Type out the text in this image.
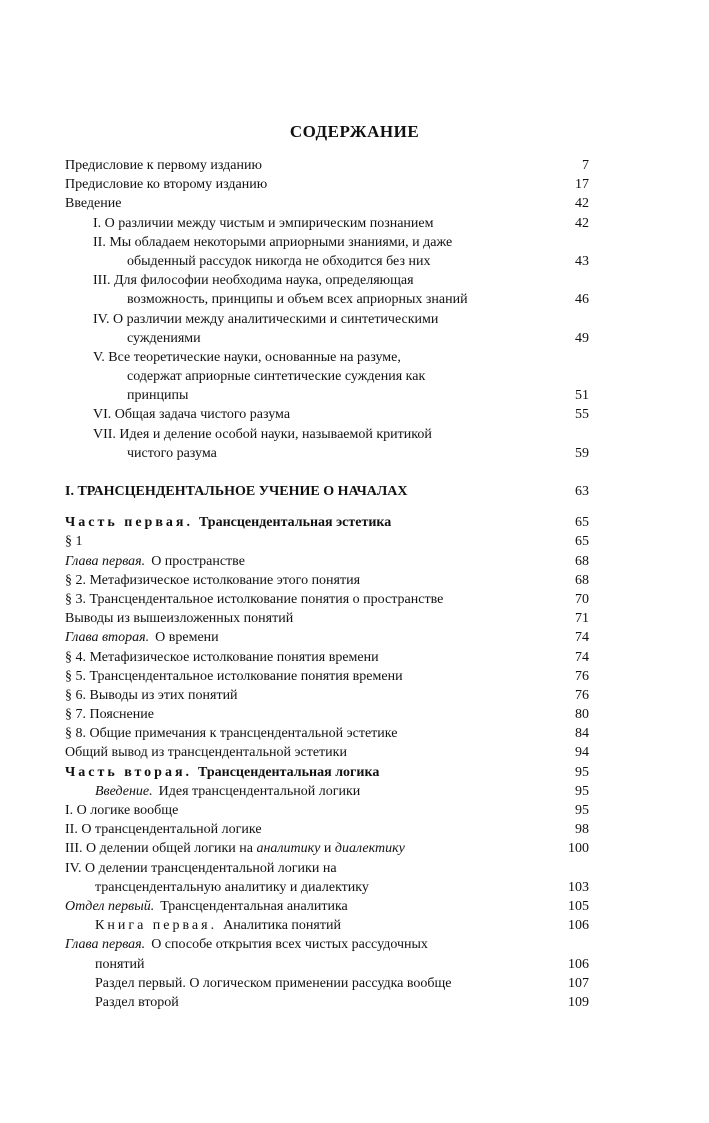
СОДЕРЖАНИЕ
Предисловие к первому изданию	7
Предисловие ко второму изданию	17
Введение	42
I. О различии между чистым и эмпирическим познанием	42
II. Мы обладаем некоторыми априорными знаниями, и даже
обыденный рассудок никогда не обходится без них	43
III. Для философии необходима наука, определяющая
возможность, принципы и объем всех априорных знаний	46
IV. О различии между аналитическими и синтетическими
суждениями	49
V. Все теоретические науки, основанные на разуме,
содержат априорные синтетические суждения как
принципы	51
VI. Общая задача чистого разума	55
VII. Идея и деление особой науки, называемой критикой
чистого разума	59
I. ТРАНСЦЕНДЕНТАЛЬНОЕ УЧЕНИЕ О НАЧАЛАХ	63
Часть первая. Трансцендентальная эстетика	65
§ 1	65
Глава первая. О пространстве	68
§ 2. Метафизическое истолкование этого понятия	68
§ 3. Трансцендентальное истолкование понятия о пространстве	70
Выводы из вышеизложенных понятий	71
Глава вторая. О времени	74
§ 4. Метафизическое истолкование понятия времени	74
§ 5. Трансцендентальное истолкование понятия времени	76
§ 6. Выводы из этих понятий	76
§ 7. Пояснение	80
§ 8. Общие примечания к трансцендентальной эстетике	84
Общий вывод из трансцендентальной эстетики	94
Часть вторая. Трансцендентальная логика	95
Введение. Идея трансцендентальной логики	95
I. О логике вообще	95
II. О трансцендентальной логике	98
III. О делении общей логики на аналитику и диалектику	100
IV. О делении трансцендентальной логики на
трансцендентальную аналитику и диалектику	103
Отдел первый. Трансцендентальная аналитика	105
Книга первая. Аналитика понятий	106
Глава первая. О способе открытия всех чистых рассудочных
понятий	106
Раздел первый. О логическом применении рассудка вообще	107
Раздел второй	109
